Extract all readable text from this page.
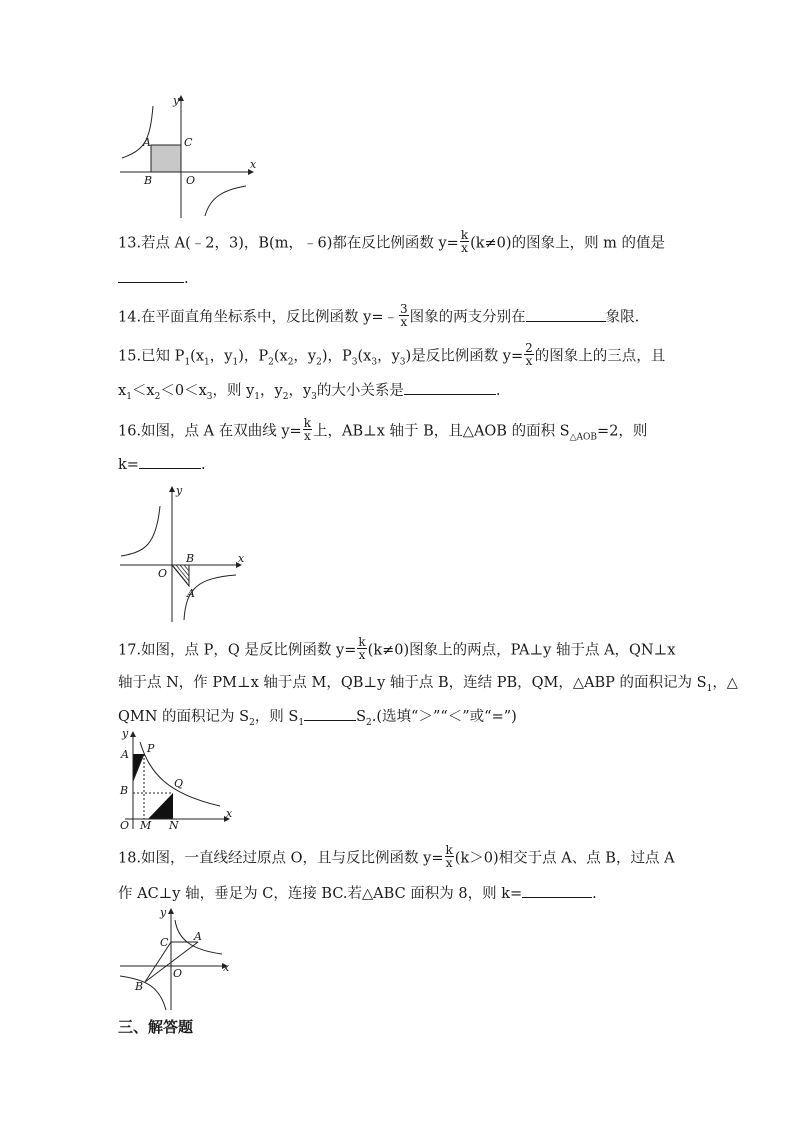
y
x
A	C
B	O
13.若点 A(﹣2，3)，B(m，﹣6)都在反比例函数 $y= \frac{k}{x} (k\ne 0)$的图象上，则 m 的值是
.
14.在平面直角坐标系中，反比例函数 y=﹣ $\frac{3}{x}$ 图象的两支分别在	象限.
15.已知 $P_1(x_1$，$y_1$)，$P_2(x_2$，$y_2$)，$P_3(x_3$，$y_3$)是反比例函数 $y= \frac{2}{x}$ 的图象上的三点，且
$x_1<x_2<0<x_3$，则 $y_1$，$y_2$，$y_3$的大小关系是	.
16.如图，点 A 在双曲线 $y= \frac{k}{x}$ 上，AB⊥x 轴于 B，且△AOB 的面积 $S_{\triangle AOB}=2$，则
k=	.
y
x
O
B
A
17.如图，点 P，Q 是反比例函数 $y= \frac{k}{x} (k\ne 0)$图象上的两点，PA⊥y 轴于点 A，QN⊥x
轴于点 N，作 PM⊥x 轴于点 M，QB⊥y 轴于点 B，连结 PB，QM，△ABP 的面积记为 $S_1$，△
QMN 的面积记为 $S_2$，则 $S_1$	$S_2$.(选填“＞”“＜”或“=”)
y
x
A P
Q
B
O M N
18.如图，一直线经过原点 O，且与反比例函数 $y= \frac{k}{x} (k>0)$相交于点 A、点 B，过点 A
作 AC⊥y 轴，垂足为 C，连接 BC.若△ABC 面积为 8，则 k=	.
y
x
C A
O
B
三、解答题
